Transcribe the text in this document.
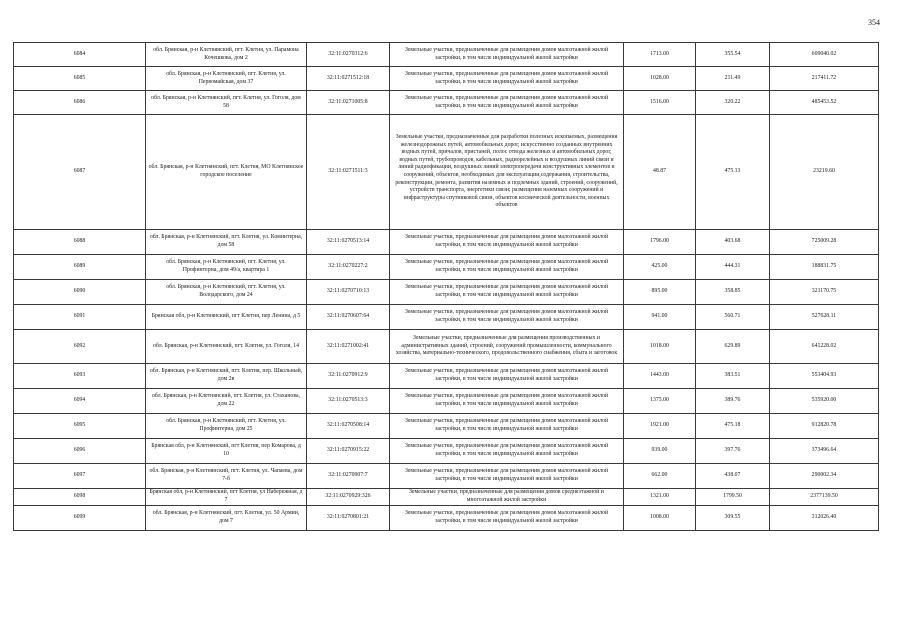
354
6084	обл. Брянская, р-н Клетнянский, пгт. Клетня, ул. Парамона Кочешкова, дом 2	32:11:0270312:6	Земельные участки, предназначенные для размещения домов малоэтажной жилой застройки, в том числе индивидуальной жилой застройки		1713.00	355.54	609040.02
6085	обл. Брянская, р-н Клетнянский, пгт. Клетня, ул. Первомайская, дом 37	32:11:0271512:18	Земельные участки, предназначенные для размещения домов малоэтажной жилой застройки, в том числе индивидуальной жилой застройки		1028.00	211.49	217411.72
6086	обл. Брянская, р-н Клетнянский, пгт. Клетня, ул. Гоголя, дом 58	32:11:0271005:8	Земельные участки, предназначенные для размещения домов малоэтажной жилой застройки, в том числе индивидуальной жилой застройки		1516.00	320.22	485453.52
6087	обл. Брянская, р-н Клетнянский, пгт. Клетня, МО Клетнянское городское поселение	32:11:0271511:3	Земельные участки, предназначенные для разработки полезных ископаемых, размещения железнодорожных путей, автомобильных дорог, искусственно созданных внутренних водных путей, причалов, пристаней, полос отвода железных и автомобильных дорог, водных путей, трубопроводов, кабельных, радиорелейных и воздушных линий связи и линий радиофикации, воздушных линий электропередачи конструктивных элементов и сооружений, объектов, необходимых для эксплуатации,содержания, строительства, реконструкции, ремонта, развития наземных и подземных зданий, строений, сооружений, устройств транспорта, энергетики связи; размещения наземных сооружений и инфраструктуры спутниковой связи, объектов космической деятельности, военных объектов		48.87	475.13	23219.60
6088	обл. Брянская, р-н Клетнянский, пгт. Клетня, ул. Коминтерна, дом 58	32:11:0270513:14	Земельные участки, предназначенные для размещения домов малоэтажной жилой застройки, в том числе индивидуальной жилой застройки		1796.00	403.68	725009.28
6089	обл. Брянская, р-н Клетнянский, пгт. Клетня, ул. Профинтерна, дом 49/а, квартира 1	32:11:0270227:2	Земельные участки, предназначенные для размещения домов малоэтажной жилой застройки, в том числе индивидуальной жилой застройки		425.00	444.31	188831.75
6090	обл. Брянская, р-н Клетнянский, пгт. Клетня, ул. Володарского, дом 24	32:11:0270710:13	Земельные участки, предназначенные для размещения домов малоэтажной жилой застройки, в том числе индивидуальной жилой застройки		895.00	358.85	321170.75
6091	Брянская обл, р-н Клетнянский, пгт Клетня, пер Ленина, д 5	32:11:0270607:64	Земельные участки, предназначенные для размещения домов малоэтажной жилой застройки, в том числе индивидуальной жилой застройки		941.00	560.71	527628.11
6092	обл. Брянская, р-н Клетнянский, пгт. Клетня, ул. Гоголя, 14	32:11:0271002:41	Земельные участки, предназначенные для размещения производственных и административных зданий, строений, сооружений промышленности, коммунального хозяйства, материально-технического, продовольственного снабжения, сбыта и заготовок		1018.00	629.89	641228.02
6093	обл. Брянская, р-н Клетнянский, пгт. Клетня, пер. Школьный, дом 2в	32:11:0270912:9	Земельные участки, предназначенные для размещения домов малоэтажной жилой застройки, в том числе индивидуальной жилой застройки		1443.00	383.51	553404.93
6094	обл. Брянская, р-н Клетнянский, пгт. Клетня, ул. Стаханова, дом 22	32:11:0270513:3	Земельные участки, предназначенные для размещения домов малоэтажной жилой застройки, в том числе индивидуальной жилой застройки		1375.00	389.76	535920.00
6095	обл. Брянская, р-н Клетнянский, пгт. Клетня, ул. Профинтерна, дом 25	32:11:0270508:14	Земельные участки, предназначенные для размещения домов малоэтажной жилой застройки, в том числе индивидуальной жилой застройки		1921.00	475.18	912820.78
6096	Брянская обл, р-н Клетнянский, пгт Клетня, пер Комарова, д 10	32:11:0270915:22	Земельные участки, предназначенные для размещения домов малоэтажной жилой застройки, в том числе индивидуальной жилой застройки		939.00	397.76	373496.64
6097	обл. Брянская, р-н Клетнянский, пгт. Клетня, ул. Чапаева, дом 7-б	32:11:0270907:7	Земельные участки, предназначенные для размещения домов малоэтажной жилой застройки, в том числе индивидуальной жилой застройки		662.00	438.07	290002.34
6098	Брянская обл, р-н Клетнянский, пгт Клетня, ул Набережная, д 7	32:11:0270929:326	Земельные участки, предназначенные для размещения домов среднеэтажной и многоэтажной жилой застройки		1321.00	1799.50	2377139.50
6099	обл. Брянская, р-н Клетнянский, пгт. Клетня, ул. 50 Армии, дом 7	32:11:0270801:21	Земельные участки, предназначенные для размещения домов малоэтажной жилой застройки, в том числе индивидуальной жилой застройки		1008.00	309.55	312026.40
